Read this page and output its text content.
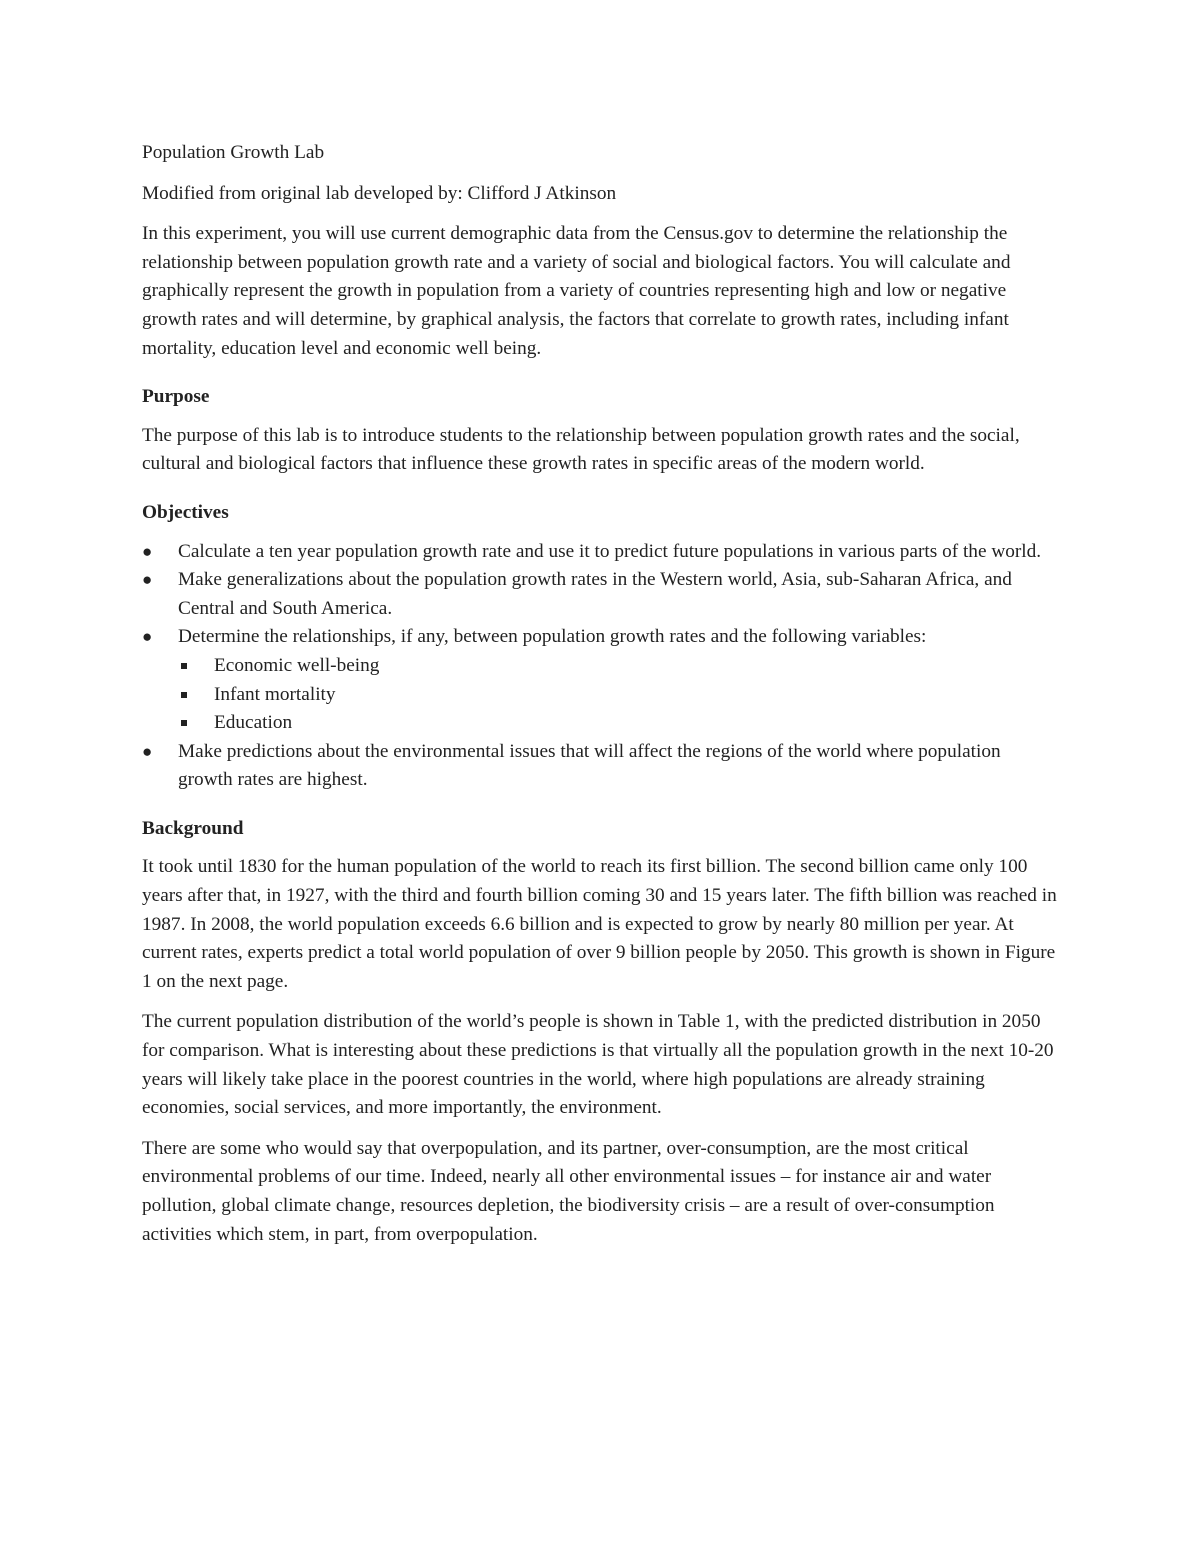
Population Growth Lab

Modified from original lab developed by: Clifford J Atkinson

In this experiment, you will use current demographic data from the Census.gov to determine the relationship the relationship between population growth rate and a variety of social and biological factors. You will calculate and graphically represent the growth in population from a variety of countries representing high and low or negative growth rates and will determine, by graphical analysis, the factors that correlate to growth rates, including infant mortality, education level and economic well being.

Purpose

The purpose of this lab is to introduce students to the relationship between population growth rates and the social, cultural and biological factors that influence these growth rates in specific areas of the modern world.

Objectives
● Calculate a ten year population growth rate and use it to predict future populations in various parts of the world.
● Make generalizations about the population growth rates in the Western world, Asia, sub-Saharan Africa, and Central and South America.
● Determine the relationships, if any, between population growth rates and the following variables:
Economic well-being
Infant mortality
Education
● Make predictions about the environmental issues that will affect the regions of the world where population growth rates are highest.
Background

It took until 1830 for the human population of the world to reach its first billion. The second billion came only 100 years after that, in 1927, with the third and fourth billion coming 30 and 15 years later. The fifth billion was reached in 1987. In 2008, the world population exceeds 6.6 billion and is expected to grow by nearly 80 million per year. At current rates, experts predict a total world population of over 9 billion people by 2050. This growth is shown in Figure 1 on the next page.

The current population distribution of the world’s people is shown in Table 1, with the predicted distribution in 2050 for comparison. What is interesting about these predictions is that virtually all the population growth in the next 10-20 years will likely take place in the poorest countries in the world, where high populations are already straining economies, social services, and more importantly, the environment.

There are some who would say that overpopulation, and its partner, over-consumption, are the most critical environmental problems of our time. Indeed, nearly all other environmental issues – for instance air and water pollution, global climate change, resources depletion, the biodiversity crisis – are a result of over-consumption activities which stem, in part, from overpopulation.
